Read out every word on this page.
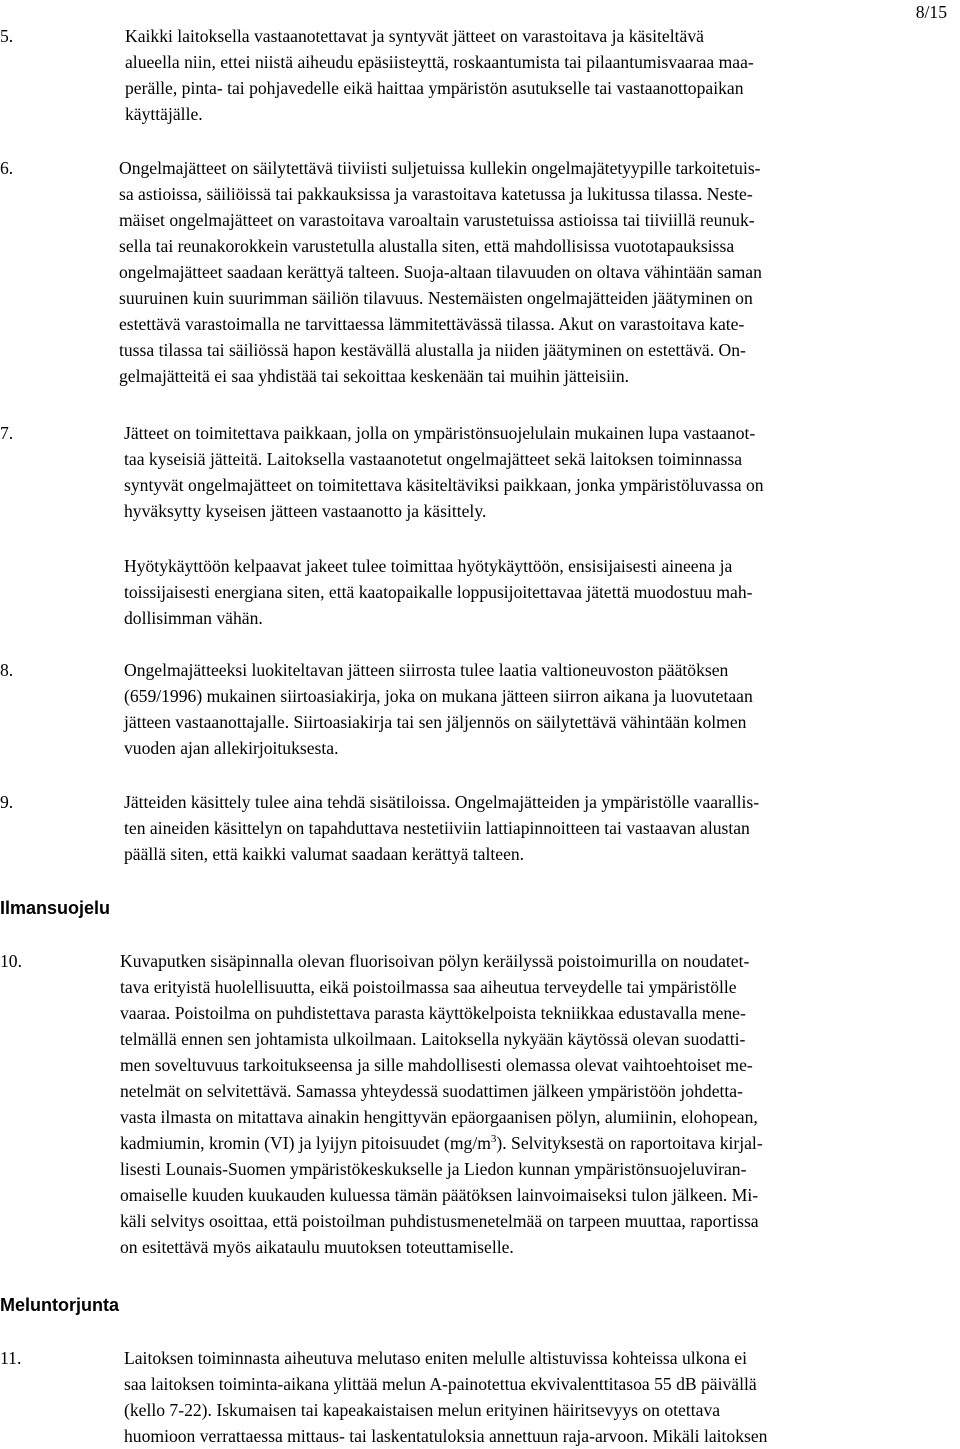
8/15
5.	Kaikki laitoksella vastaanotettavat ja syntyvät jätteet on varastoitava ja käsiteltävä
alueella niin, ettei niistä aiheudu epäsiisteyttä, roskaantumista tai pilaantumisvaaraa maa-
perälle, pinta- tai pohjavedelle eikä haittaa ympäristön asutukselle tai vastaanottopaikan
käyttäjälle.
6.	Ongelmajätteet on säilytettävä tiiviisti suljetuissa kullekin ongelmajätetyypille tarkoitetuis-
sa astioissa, säiliöissä tai pakkauksissa ja varastoitava katetussa ja lukitussa tilassa. Neste-
mäiset ongelmajätteet on varastoitava varoaltain varustetuissa astioissa tai tiiviillä reunuk-
sella tai reunakorokkein varustetulla alustalla siten, että mahdollisissa vuototapauksissa
ongelmajätteet saadaan kerättyä talteen. Suoja-altaan tilavuuden on oltava vähintään saman
suuruinen kuin suurimman säiliön tilavuus. Nestemäisten ongelmajätteiden jäätyminen on
estettävä varastoimalla ne tarvittaessa lämmitettävässä tilassa. Akut on varastoitava kate-
tussa tilassa tai säiliössä hapon kestävällä alustalla ja niiden jäätyminen on estettävä. On-
gelmajätteitä ei saa yhdistää tai sekoittaa keskenään tai muihin jätteisiin.
7.	Jätteet on toimitettava paikkaan, jolla on ympäristönsuojelulain mukainen lupa vastaanot-
taa kyseisiä jätteitä. Laitoksella vastaanotetut ongelmajätteet sekä laitoksen toiminnassa
syntyvät ongelmajätteet on toimitettava käsiteltäviksi paikkaan, jonka ympäristöluvassa on
hyväksytty kyseisen jätteen vastaanotto ja käsittely.
Hyötykäyttöön kelpaavat jakeet tulee toimittaa hyötykäyttöön, ensisijaisesti aineena ja
toissijaisesti energiana siten, että kaatopaikalle loppusijoitettavaa jätettä muodostuu mah-
dollisimman vähän.
8.	Ongelmajätteeksi luokiteltavan jätteen siirrosta tulee laatia valtioneuvoston päätöksen
(659/1996) mukainen siirtoasiakirja, joka on mukana jätteen siirron aikana ja luovutetaan
jätteen vastaanottajalle. Siirtoasiakirja tai sen jäljennös on säilytettävä vähintään kolmen
vuoden ajan allekirjoituksesta.
9.	Jätteiden käsittely tulee aina tehdä sisätiloissa. Ongelmajätteiden ja ympäristölle vaarallis-
ten aineiden käsittelyn on tapahduttava nestetiiviin lattiapinnoitteen tai vastaavan alustan
päällä siten, että kaikki valumat saadaan kerättyä talteen.
Ilmansuojelu
10.	Kuvaputken sisäpinnalla olevan fluorisoivan pölyn keräilyssä poistoimurilla on noudatet-
tava erityistä huolellisuutta, eikä poistoilmassa saa aiheutua terveydelle tai ympäristölle
vaaraa. Poistoilma on puhdistettava parasta käyttökelpoista tekniikkaa edustavalla mene-
telmällä ennen sen johtamista ulkoilmaan. Laitoksella nykyään käytössä olevan suodatti-
men soveltuvuus tarkoitukseensa ja sille mahdollisesti olemassa olevat vaihtoehtoiset me-
netelmät on selvitettävä. Samassa yhteydessä suodattimen jälkeen ympäristöön johdetta-
vasta ilmasta on mitattava ainakin hengittyvän epäorgaanisen pölyn, alumiinin, elohopean,
kadmiumin, kromin (VI) ja lyijyn pitoisuudet $(mg/m^3)$. Selvityksestä on raportoitava kirjal-
lisesti Lounais-Suomen ympäristökeskukselle ja Liedon kunnan ympäristönsuojeluviran-
omaiselle kuuden kuukauden kuluessa tämän päätöksen lainvoimaiseksi tulon jälkeen. Mi-
käli selvitys osoittaa, että poistoilman puhdistusmenetelmää on tarpeen muuttaa, raportissa
on esitettävä myös aikataulu muutoksen toteuttamiselle.
Meluntorjunta
11.	Laitoksen toiminnasta aiheutuva melutaso eniten melulle altistuvissa kohteissa ulkona ei
saa laitoksen toiminta-aikana ylittää melun A-painotettua ekvivalenttitasoa 55 dB päivällä
(kello 7-22). Iskumaisen tai kapeakaistaisen melun erityinen häiritsevyys on otettava
huomioon verrattaessa mittaus- tai laskentatuloksia annettuun raja-arvoon. Mikäli laitoksen
